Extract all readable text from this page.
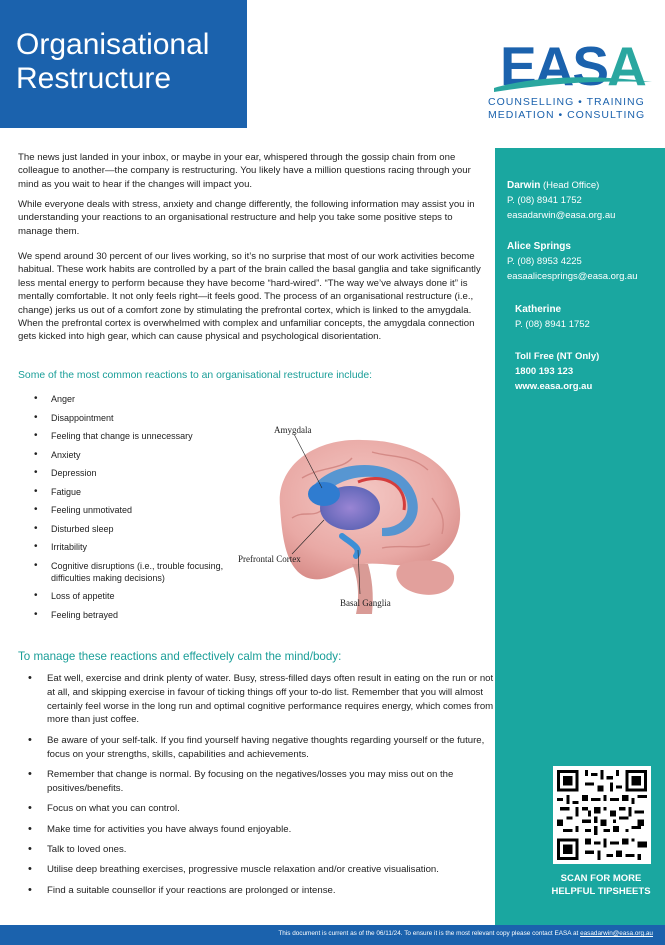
Organisational
Restructure	EASA
COUNSELLING • TRAINING
MEDIATION • CONSULTING
Darwin (Head Office)
P. (08) 8941 1752
easadarwin@easa.org.au
Alice Springs
P. (08) 8953 4225
easaalicesprings@easa.org.au
Katherine
P. (08) 8941 1752
Toll Free (NT Only)
1800 193 123
www.easa.org.au
SCAN FOR MORE
HELPFUL TIPSHEETS

The news just landed in your inbox, or maybe in your ear, whispered through the gossip chain from one colleague to another—the company is restructuring. You likely have a million questions racing through your mind as you wait to hear if the changes will impact you.

While everyone deals with stress, anxiety and change differently, the following information may assist you in understanding your reactions to an organisational restructure and help you take some positive steps to manage them.

We spend around 30 percent of our lives working, so it’s no surprise that most of our work activities become habitual. These work habits are controlled by a part of the brain called the basal ganglia and take significantly less mental energy to perform because they have become “hard-wired”. “The way we’ve always done it” is mentally comfortable. It not only feels right—it feels good. The process of an organisational restructure (i.e., change) jerks us out of a comfort zone by stimulating the prefrontal cortex, which is linked to the amygdala. When the prefrontal cortex is overwhelmed with complex and unfamiliar concepts, the amygdala connection gets kicked into high gear, which can cause physical and psychological disorientation.

Some of the most common reactions to an organisational restructure include:
• Anger
• Disappointment
• Feeling that change is unnecessary
• Anxiety
• Depression
• Fatigue
• Feeling unmotivated
• Disturbed sleep
• Irritability
• Cognitive disruptions (i.e., trouble focusing, difficulties making decisions)
• Loss of appetite
• Feeling betrayed
Amygdala
Prefrontal Cortex
Basal Ganglia
To manage these reactions and effectively calm the mind/body:
• Eat well, exercise and drink plenty of water. Busy, stress-filled days often result in eating on the run or not at all, and skipping exercise in favour of ticking things off your to-do list. Remember that you will almost certainly feel worse in the long run and optimal cognitive performance requires energy, which comes from more than just coffee.
• Be aware of your self-talk. If you find yourself having negative thoughts regarding yourself or the future, focus on your strengths, skills, capabilities and achievements.
• Remember that change is normal. By focusing on the negatives/losses you may miss out on the positives/benefits.
• Focus on what you can control.
• Make time for activities you have always found enjoyable.
• Talk to loved ones.
• Utilise deep breathing exercises, progressive muscle relaxation and/or creative visualisation.
• Find a suitable counsellor if your reactions are prolonged or intense.
This document is current as of the 06/11/24. To ensure it is the most relevant copy please contact EASA at easadarwin@easa.org.au
